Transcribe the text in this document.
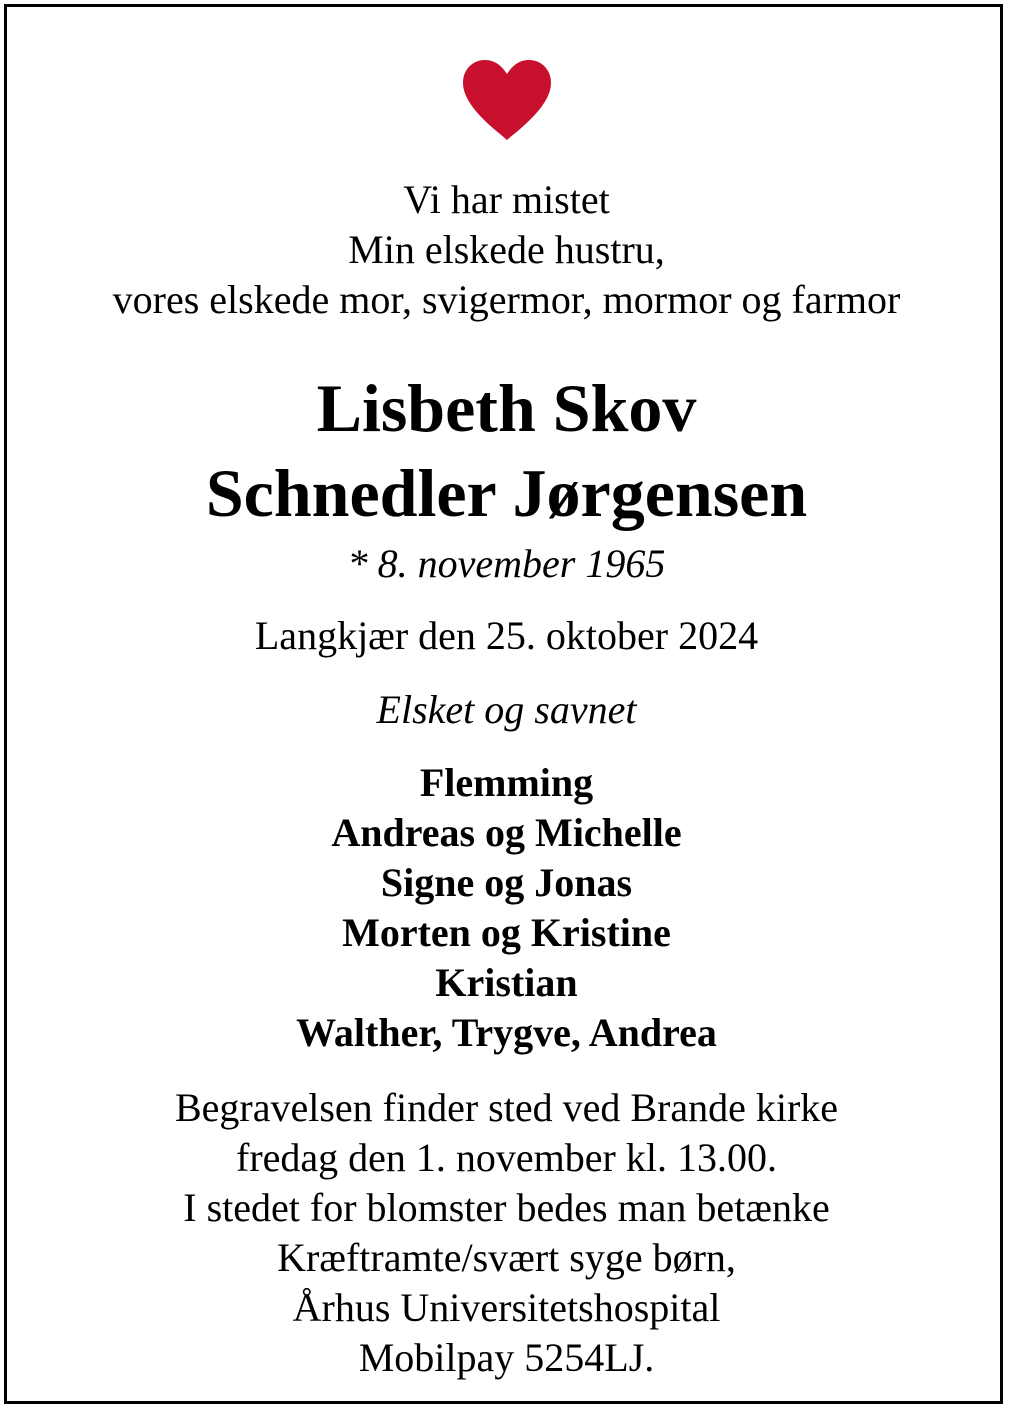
Vi har mistet
Min elskede hustru,
vores elskede mor, svigermor, mormor og farmor
Lisbeth Skov
Schnedler Jørgensen
* 8. november 1965
Langkjær den 25. oktober 2024
Elsket og savnet
Flemming
Andreas og Michelle
Signe og Jonas
Morten og Kristine
Kristian
Walther, Trygve, Andrea
Begravelsen finder sted ved Brande kirke
fredag den 1. november kl. 13.00.
I stedet for blomster bedes man betænke
Kræftramte/svært syge børn,
Århus Universitetshospital
Mobilpay 5254LJ.
